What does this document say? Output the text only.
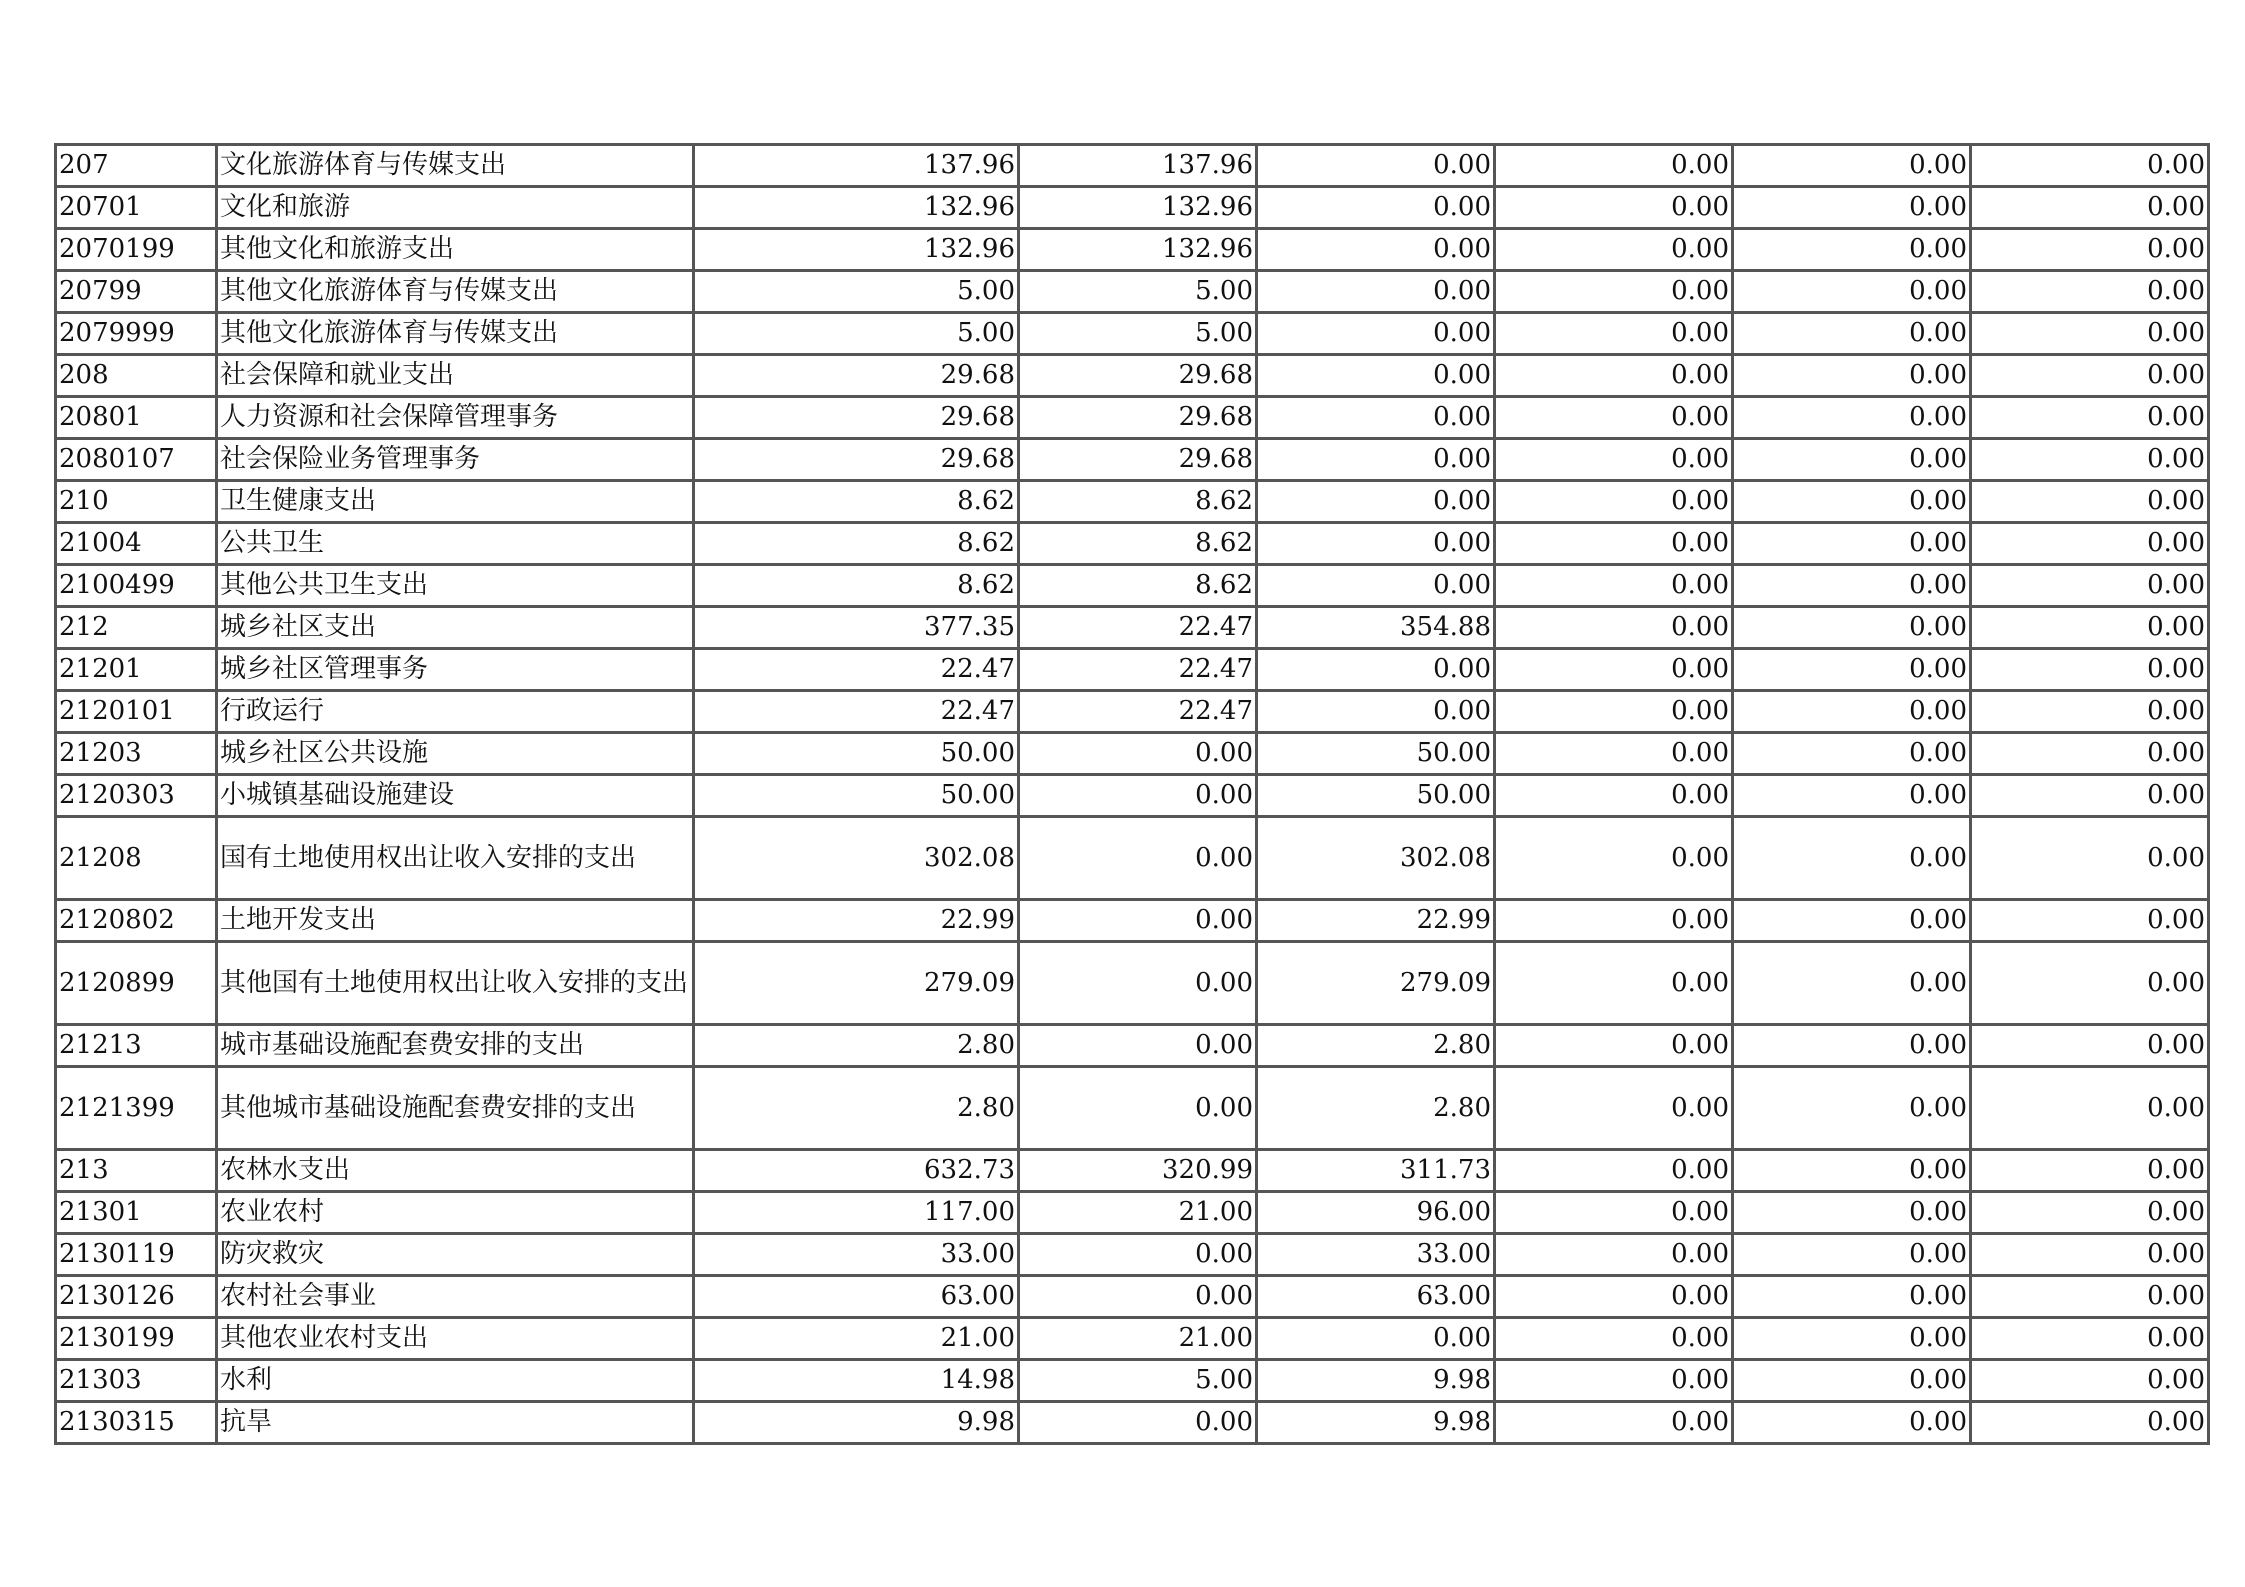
207	文化旅游体育与传媒支出	137.96	137.96	0.00	0.00	0.00	0.00
20701	文化和旅游	132.96	132.96	0.00	0.00	0.00	0.00
2070199	其他文化和旅游支出	132.96	132.96	0.00	0.00	0.00	0.00
20799	其他文化旅游体育与传媒支出	5.00	5.00	0.00	0.00	0.00	0.00
2079999	其他文化旅游体育与传媒支出	5.00	5.00	0.00	0.00	0.00	0.00
208	社会保障和就业支出	29.68	29.68	0.00	0.00	0.00	0.00
20801	人力资源和社会保障管理事务	29.68	29.68	0.00	0.00	0.00	0.00
2080107	社会保险业务管理事务	29.68	29.68	0.00	0.00	0.00	0.00
210	卫生健康支出	8.62	8.62	0.00	0.00	0.00	0.00
21004	公共卫生	8.62	8.62	0.00	0.00	0.00	0.00
2100499	其他公共卫生支出	8.62	8.62	0.00	0.00	0.00	0.00
212	城乡社区支出	377.35	22.47	354.88	0.00	0.00	0.00
21201	城乡社区管理事务	22.47	22.47	0.00	0.00	0.00	0.00
2120101	行政运行	22.47	22.47	0.00	0.00	0.00	0.00
21203	城乡社区公共设施	50.00	0.00	50.00	0.00	0.00	0.00
2120303	小城镇基础设施建设	50.00	0.00	50.00	0.00	0.00	0.00
21208	国有土地使用权出让收入安排的支出	302.08	0.00	302.08	0.00	0.00	0.00
2120802	土地开发支出	22.99	0.00	22.99	0.00	0.00	0.00
2120899	其他国有土地使用权出让收入安排的支出	279.09	0.00	279.09	0.00	0.00	0.00
21213	城市基础设施配套费安排的支出	2.80	0.00	2.80	0.00	0.00	0.00
2121399	其他城市基础设施配套费安排的支出	2.80	0.00	2.80	0.00	0.00	0.00
213	农林水支出	632.73	320.99	311.73	0.00	0.00	0.00
21301	农业农村	117.00	21.00	96.00	0.00	0.00	0.00
2130119	防灾救灾	33.00	0.00	33.00	0.00	0.00	0.00
2130126	农村社会事业	63.00	0.00	63.00	0.00	0.00	0.00
2130199	其他农业农村支出	21.00	21.00	0.00	0.00	0.00	0.00
21303	水利	14.98	5.00	9.98	0.00	0.00	0.00
2130315	抗旱	9.98	0.00	9.98	0.00	0.00	0.00
